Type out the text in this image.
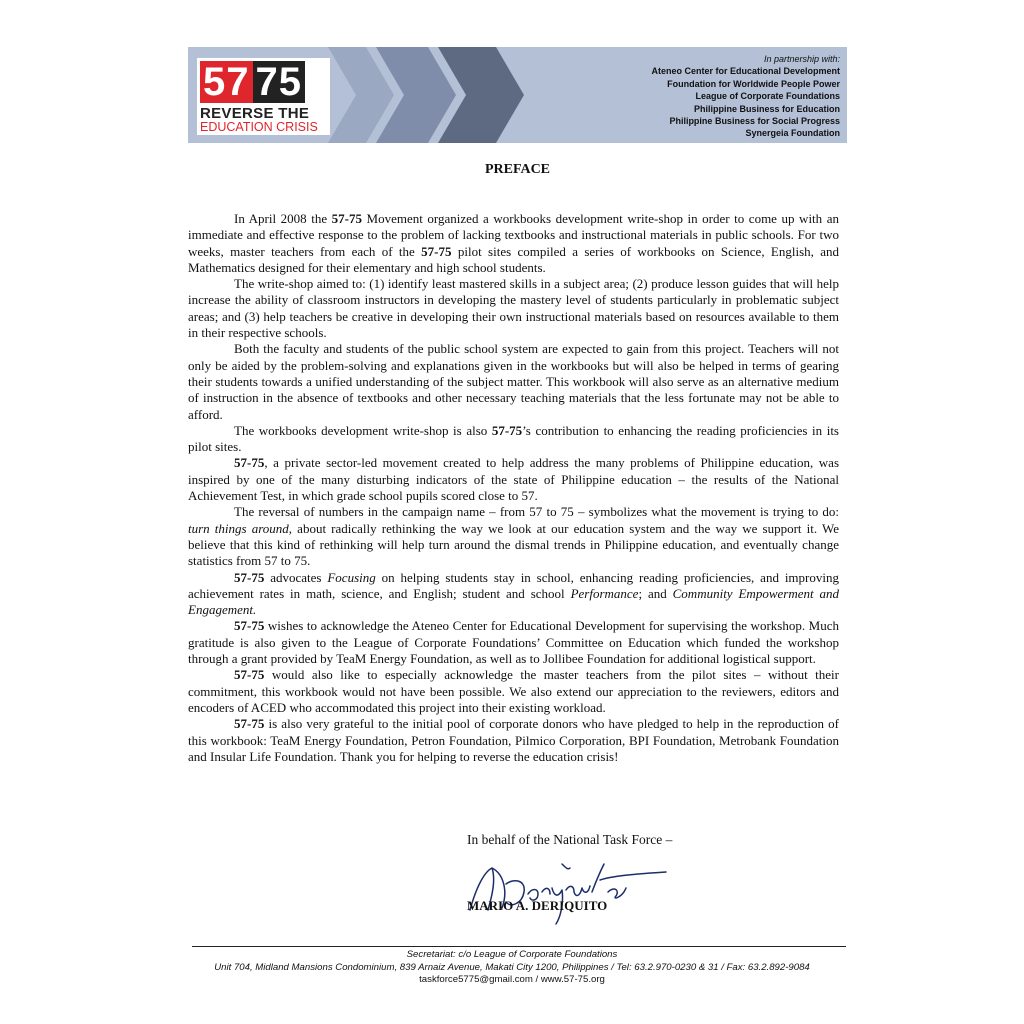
57 75
REVERSE THE
EDUCATION CRISIS
In partnership with:
Ateneo Center for Educational Development
Foundation for Worldwide People Power
League of Corporate Foundations
Philippine Business for Education
Philippine Business for Social Progress
Synergeia Foundation
PREFACE

In April 2008 the 57-75 Movement organized a workbooks development write-shop in order to come up with an immediate and effective response to the problem of lacking textbooks and instructional materials in public schools. For two weeks, master teachers from each of the 57-75 pilot sites compiled a series of workbooks on Science, English, and Mathematics designed for their elementary and high school students.

The write-shop aimed to: (1) identify least mastered skills in a subject area; (2) produce lesson guides that will help increase the ability of classroom instructors in developing the mastery level of students particularly in problematic subject areas; and (3) help teachers be creative in developing their own instructional materials based on resources available to them in their respective schools.

Both the faculty and students of the public school system are expected to gain from this project. Teachers will not only be aided by the problem-solving and explanations given in the workbooks but will also be helped in terms of gearing their students towards a unified understanding of the subject matter. This workbook will also serve as an alternative medium of instruction in the absence of textbooks and other necessary teaching materials that the less fortunate may not be able to afford.

The workbooks development write-shop is also 57-75’s contribution to enhancing the reading proficiencies in its pilot sites.

57-75, a private sector-led movement created to help address the many problems of Philippine education, was inspired by one of the many disturbing indicators of the state of Philippine education – the results of the National Achievement Test, in which grade school pupils scored close to 57.

The reversal of numbers in the campaign name – from 57 to 75 – symbolizes what the movement is trying to do: turn things around, about radically rethinking the way we look at our education system and the way we support it. We believe that this kind of rethinking will help turn around the dismal trends in Philippine education, and eventually change statistics from 57 to 75.

57-75 advocates Focusing on helping students stay in school, enhancing reading proficiencies, and improving achievement rates in math, science, and English; student and school Performance; and Community Empowerment and Engagement.

57-75 wishes to acknowledge the Ateneo Center for Educational Development for supervising the workshop. Much gratitude is also given to the League of Corporate Foundations’ Committee on Education which funded the workshop through a grant provided by TeaM Energy Foundation, as well as to Jollibee Foundation for additional logistical support.

57-75 would also like to especially acknowledge the master teachers from the pilot sites – without their commitment, this workbook would not have been possible. We also extend our appreciation to the reviewers, editors and encoders of ACED who accommodated this project into their existing workload.

57-75 is also very grateful to the initial pool of corporate donors who have pledged to help in the reproduction of this workbook: TeaM Energy Foundation, Petron Foundation, Pilmico Corporation, BPI Foundation, Metrobank Foundation and Insular Life Foundation. Thank you for helping to reverse the education crisis!

In behalf of the National Task Force –
MARIO A. DERIQUITO
Secretariat: c/o League of Corporate Foundations
Unit 704, Midland Mansions Condominium, 839 Arnaiz Avenue, Makati City 1200, Philippines / Tel: 63.2.970-0230 & 31 / Fax: 63.2.892-9084
taskforce5775@gmail.com / www.57-75.org
